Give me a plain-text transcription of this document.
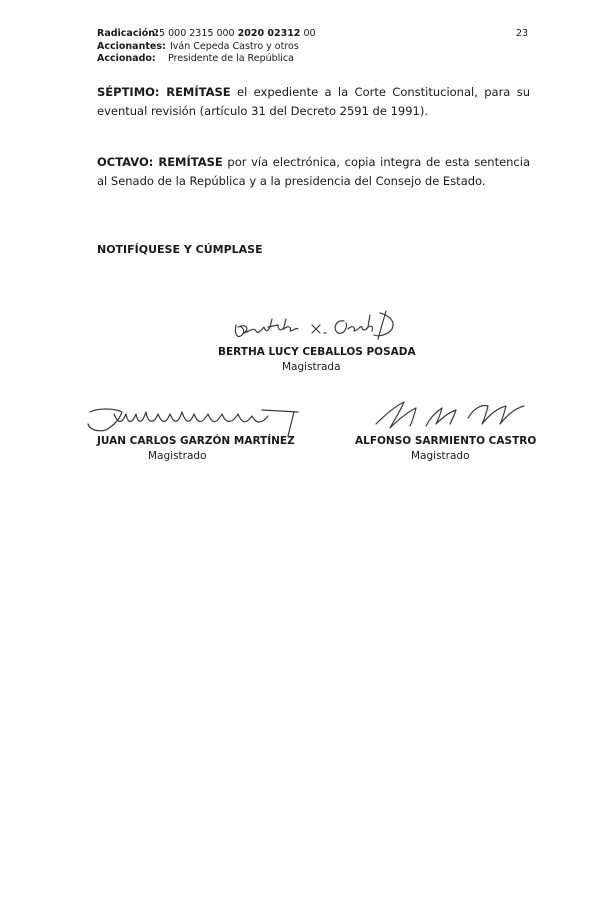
Radicación:25 000 2315 000 2020 02312 00
Accionantes: Iván Cepeda Castro y otros
Accionado: Presidente de la República
23
SÉPTIMO: REMÍTASE el expediente a la Corte Constitucional, para su eventual revisión (artículo 31 del Decreto 2591 de 1991).
OCTAVO: REMÍTASE por vía electrónica, copia integra de esta sentencia al Senado de la República y a la presidencia del Consejo de Estado.
NOTIFÍQUESE Y CÚMPLASE
BERTHA LUCY CEBALLOS POSADA
Magistrada
JUAN CARLOS GARZÓN MARTÍNEZ
Magistrado
ALFONSO SARMIENTO CASTRO
Magistrado
